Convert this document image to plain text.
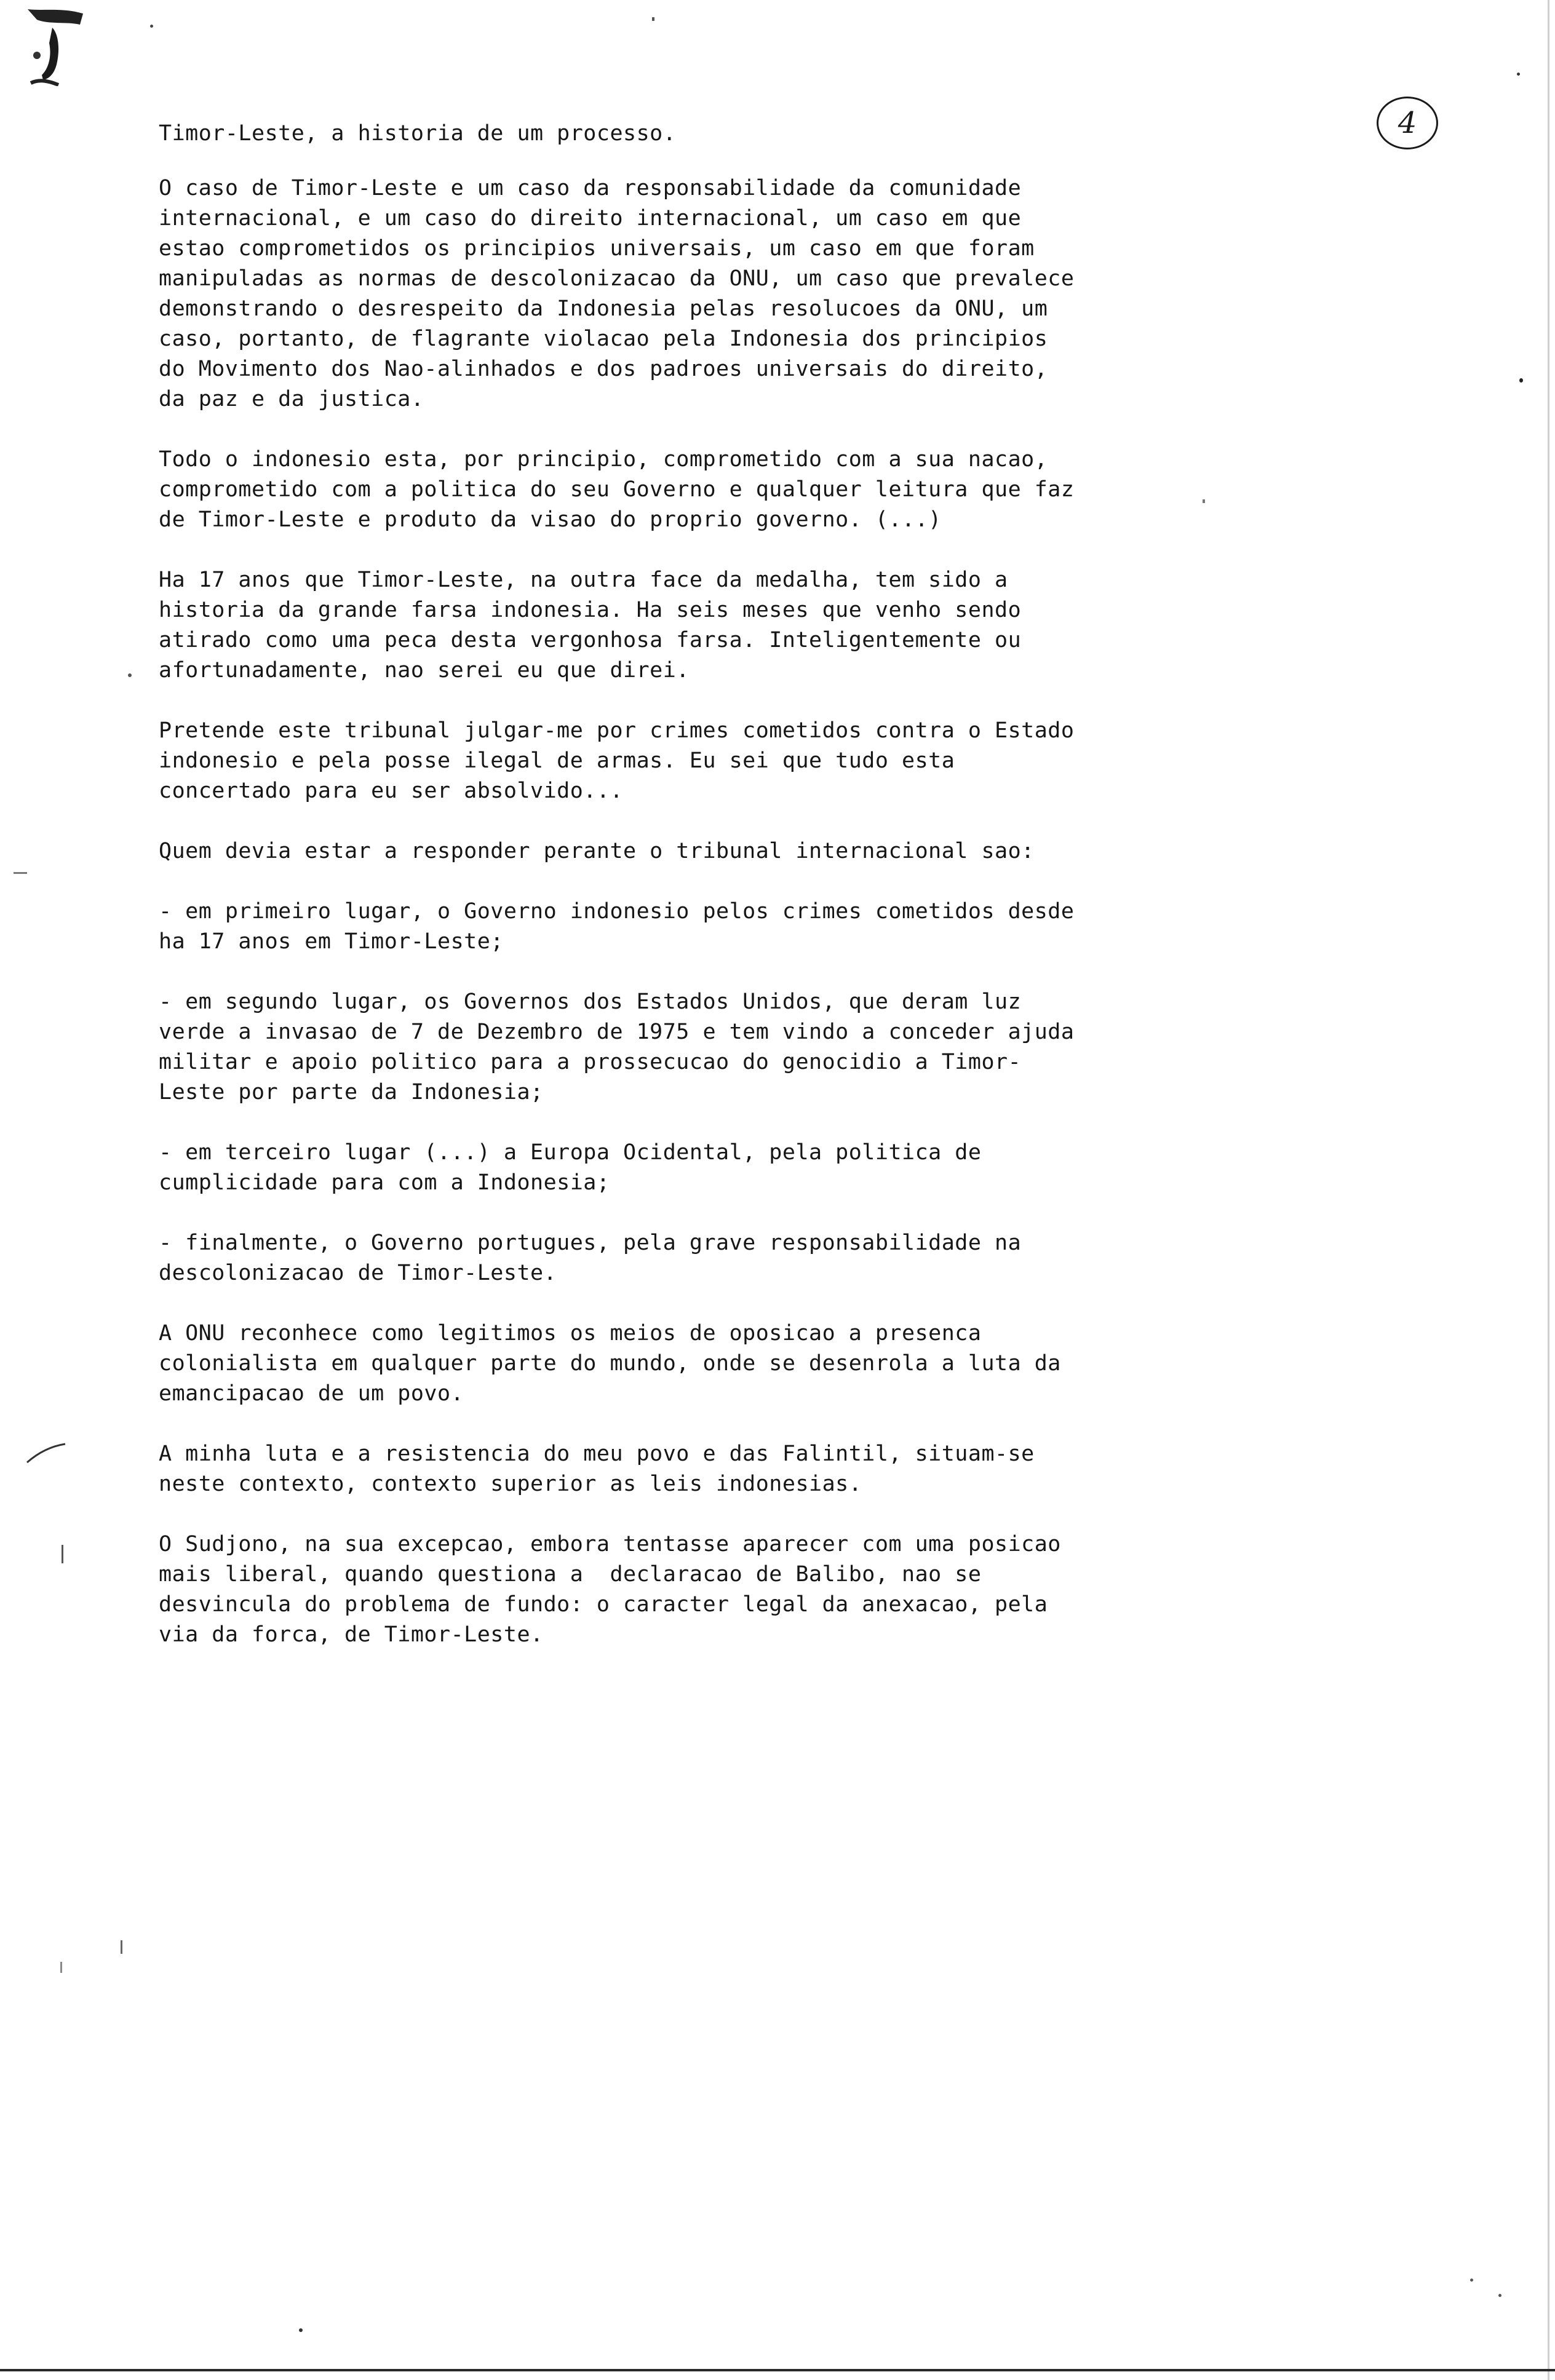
Timor-Leste, a historia de um processo.	4
O caso de Timor-Leste e um caso da responsabilidade da comunidade
internacional, e um caso do direito internacional, um caso em que
estao comprometidos os principios universais, um caso em que foram
manipuladas as normas de descolonizacao da ONU, um caso que prevalece
demonstrando o desrespeito da Indonesia pelas resolucoes da ONU, um
caso, portanto, de flagrante violacao pela Indonesia dos principios
do Movimento dos Nao-alinhados e dos padroes universais do direito,
da paz e da justica.
Todo o indonesio esta, por principio, comprometido com a sua nacao,
comprometido com a politica do seu Governo e qualquer leitura que faz
de Timor-Leste e produto da visao do proprio governo. (...)
Ha 17 anos que Timor-Leste, na outra face da medalha, tem sido a
historia da grande farsa indonesia. Ha seis meses que venho sendo
atirado como uma peca desta vergonhosa farsa. Inteligentemente ou
afortunadamente, nao serei eu que direi.
Pretende este tribunal julgar-me por crimes cometidos contra o Estado
indonesio e pela posse ilegal de armas. Eu sei que tudo esta
concertado para eu ser absolvido...
Quem devia estar a responder perante o tribunal internacional sao:
- em primeiro lugar, o Governo indonesio pelos crimes cometidos desde
ha 17 anos em Timor-Leste;
- em segundo lugar, os Governos dos Estados Unidos, que deram luz
verde a invasao de 7 de Dezembro de 1975 e tem vindo a conceder ajuda
militar e apoio politico para a prossecucao do genocidio a Timor-
Leste por parte da Indonesia;
- em terceiro lugar (...) a Europa Ocidental, pela politica de
cumplicidade para com a Indonesia;
- finalmente, o Governo portugues, pela grave responsabilidade na
descolonizacao de Timor-Leste.
A ONU reconhece como legitimos os meios de oposicao a presenca
colonialista em qualquer parte do mundo, onde se desenrola a luta da
emancipacao de um povo.
A minha luta e a resistencia do meu povo e das Falintil, situam-se
neste contexto, contexto superior as leis indonesias.
O Sudjono, na sua excepcao, embora tentasse aparecer com uma posicao
mais liberal, quando questiona a  declaracao de Balibo, nao se
desvincula do problema de fundo: o caracter legal da anexacao, pela
via da forca, de Timor-Leste.
